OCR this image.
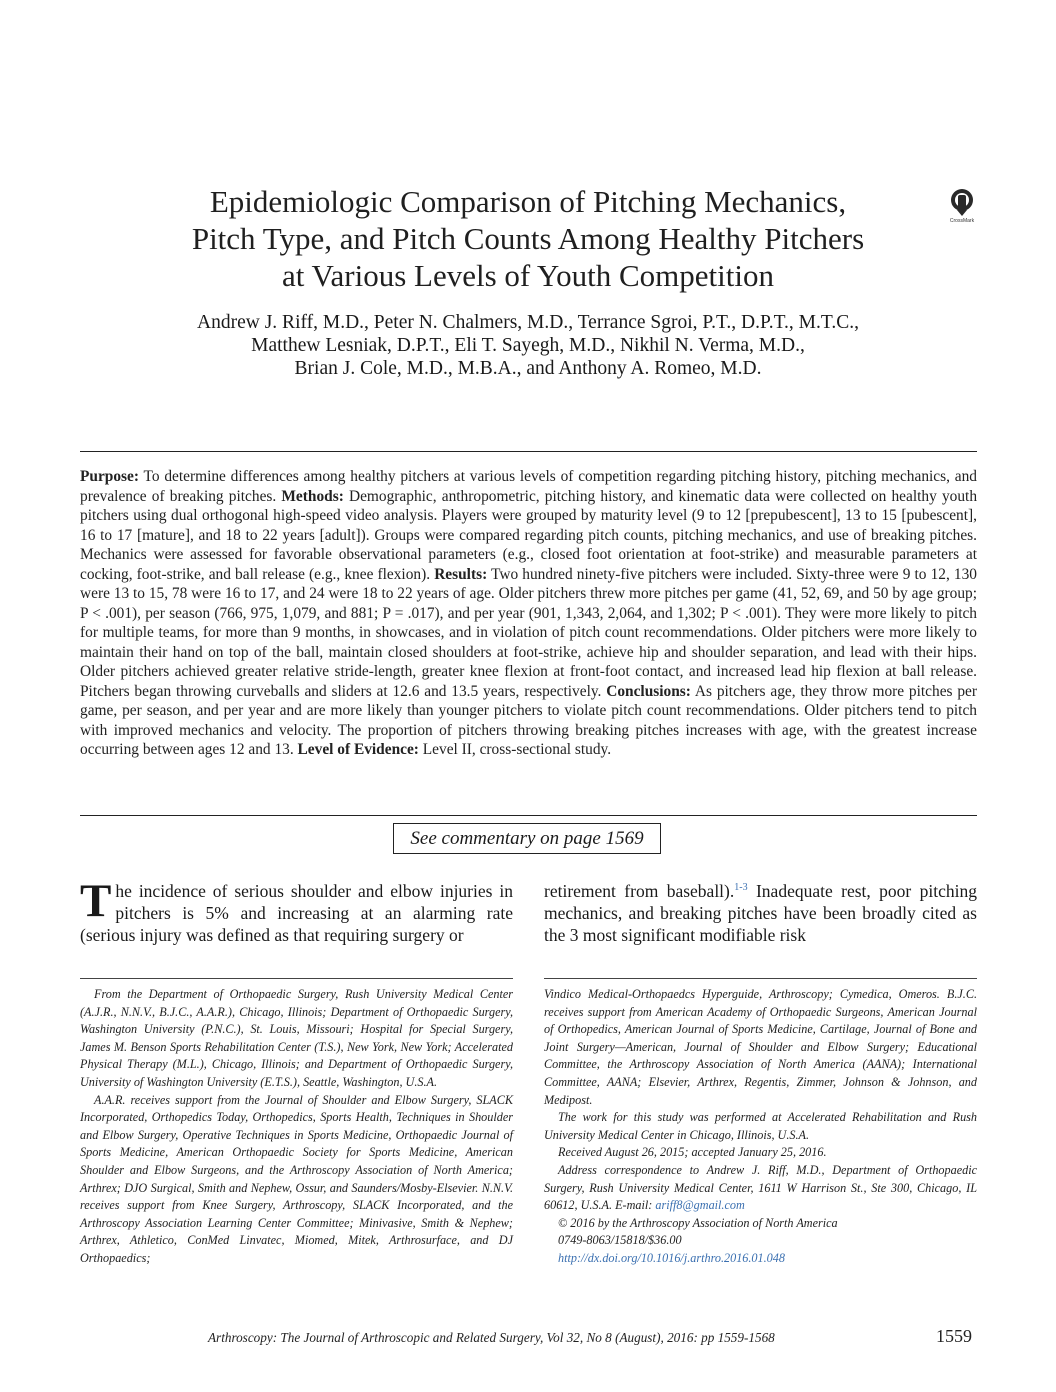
Epidemiologic Comparison of Pitching Mechanics,
Pitch Type, and Pitch Counts Among Healthy Pitchers
at Various Levels of Youth Competition
CrossMark
Andrew J. Riff, M.D., Peter N. Chalmers, M.D., Terrance Sgroi, P.T., D.P.T., M.T.C.,
Matthew Lesniak, D.P.T., Eli T. Sayegh, M.D., Nikhil N. Verma, M.D.,
Brian J. Cole, M.D., M.B.A., and Anthony A. Romeo, M.D.

Purpose: To determine differences among healthy pitchers at various levels of competition regarding pitching history, pitching mechanics, and prevalence of breaking pitches. Methods: Demographic, anthropometric, pitching history, and kinematic data were collected on healthy youth pitchers using dual orthogonal high-speed video analysis. Players were grouped by maturity level (9 to 12 [prepubescent], 13 to 15 [pubescent], 16 to 17 [mature], and 18 to 22 years [adult]). Groups were compared regarding pitch counts, pitching mechanics, and use of breaking pitches. Mechanics were assessed for favorable observational parameters (e.g., closed foot orientation at foot-strike) and measurable parameters at cocking, foot-strike, and ball release (e.g., knee flexion). Results: Two hundred ninety-five pitchers were included. Sixty-three were 9 to 12, 130 were 13 to 15, 78 were 16 to 17, and 24 were 18 to 22 years of age. Older pitchers threw more pitches per game (41, 52, 69, and 50 by age group; P < .001), per season (766, 975, 1,079, and 881; P = .017), and per year (901, 1,343, 2,064, and 1,302; P < .001). They were more likely to pitch for multiple teams, for more than 9 months, in showcases, and in violation of pitch count recommendations. Older pitchers were more likely to maintain their hand on top of the ball, maintain closed shoulders at foot-strike, achieve hip and shoulder separation, and lead with their hips. Older pitchers achieved greater relative stride-length, greater knee flexion at front-foot contact, and increased lead hip flexion at ball release. Pitchers began throwing curveballs and sliders at 12.6 and 13.5 years, respectively. Conclusions: As pitchers age, they throw more pitches per game, per season, and per year and are more likely than younger pitchers to violate pitch count recommendations. Older pitchers tend to pitch with improved mechanics and velocity. The proportion of pitchers throwing breaking pitches increases with age, with the greatest increase occurring between ages 12 and 13. Level of Evidence: Level II, cross-sectional study.

See commentary on page 1569

The incidence of serious shoulder and elbow injuries in pitchers is 5% and increasing at an alarming rate (serious injury was defined as that requiring surgery or

retirement from baseball).$^{1-3}$ Inadequate rest, poor pitching mechanics, and breaking pitches have been broadly cited as the 3 most significant modifiable risk

From the Department of Orthopaedic Surgery, Rush University Medical Center (A.J.R., N.N.V., B.J.C., A.A.R.), Chicago, Illinois; Department of Orthopaedic Surgery, Washington University (P.N.C.), St. Louis, Missouri; Hospital for Special Surgery, James M. Benson Sports Rehabilitation Center (T.S.), New York, New York; Accelerated Physical Therapy (M.L.), Chicago, Illinois; and Department of Orthopaedic Surgery, University of Washington University (E.T.S.), Seattle, Washington, U.S.A.

A.A.R. receives support from the Journal of Shoulder and Elbow Surgery, SLACK Incorporated, Orthopedics Today, Orthopedics, Sports Health, Techniques in Shoulder and Elbow Surgery, Operative Techniques in Sports Medicine, Orthopaedic Journal of Sports Medicine, American Orthopaedic Society for Sports Medicine, American Shoulder and Elbow Surgeons, and the Arthroscopy Association of North America; Arthrex; DJO Surgical, Smith and Nephew, Ossur, and Saunders/Mosby-Elsevier. N.N.V. receives support from Knee Surgery, Arthroscopy, SLACK Incorporated, and the Arthroscopy Association Learning Center Committee; Minivasive, Smith & Nephew; Arthrex, Athletico, ConMed Linvatec, Miomed, Mitek, Arthrosurface, and DJ Orthopaedics;

Vindico Medical-Orthopaedcs Hyperguide, Arthroscopy; Cymedica, Omeros. B.J.C. receives support from American Academy of Orthopaedic Surgeons, American Journal of Orthopedics, American Journal of Sports Medicine, Cartilage, Journal of Bone and Joint Surgery—American, Journal of Shoulder and Elbow Surgery; Educational Committee, the Arthroscopy Association of North America (AANA); International Committee, AANA; Elsevier, Arthrex, Regentis, Zimmer, Johnson & Johnson, and Medipost.

The work for this study was performed at Accelerated Rehabilitation and Rush University Medical Center in Chicago, Illinois, U.S.A.

Received August 26, 2015; accepted January 25, 2016.

Address correspondence to Andrew J. Riff, M.D., Department of Orthopaedic Surgery, Rush University Medical Center, 1611 W Harrison St., Ste 300, Chicago, IL 60612, U.S.A. E-mail: ariff8@gmail.com

© 2016 by the Arthroscopy Association of North America

0749-8063/15818/$36.00

http://dx.doi.org/10.1016/j.arthro.2016.01.048

Arthroscopy: The Journal of Arthroscopic and Related Surgery, Vol 32, No 8 (August), 2016: pp 1559-1568	1559
